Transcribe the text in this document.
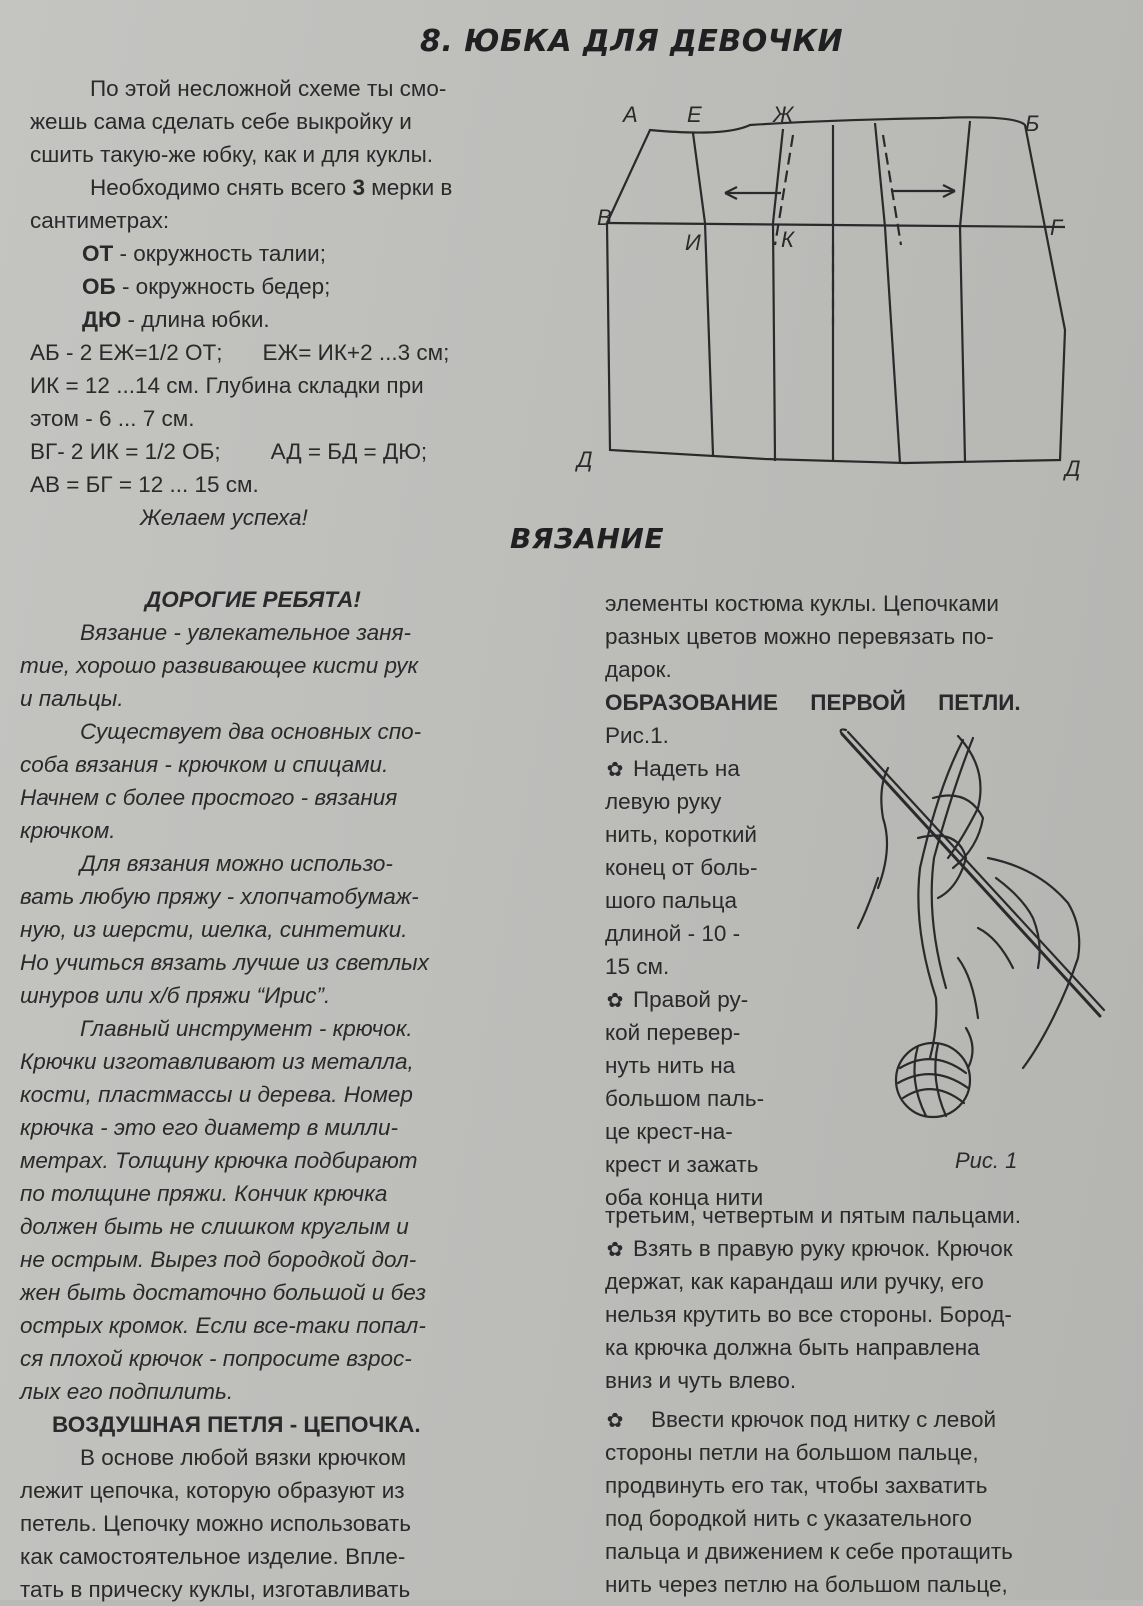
8. ЮБКА ДЛЯ ДЕВОЧКИ
По этой несложной схеме ты смо-
жешь сама сделать себе выкройку и
сшить такую-же юбку, как и для куклы.
Необходимо снять всего 3 мерки в
сантиметрах:
ОТ - окружность талии;
ОБ - окружность бедер;
ДЮ - длина юбки.
АБ - 2 ЕЖ=1/2 ОТ; ЕЖ= ИК+2 ...3 см;
ИК = 12 ...14 см. Глубина складки при
этом - 6 ... 7 см.
ВГ- 2 ИК = 1/2 ОБ; АД = БД = ДЮ;
АВ = БГ = 12 ... 15 см.
Желаем успеха!
А Е	Ж	Б
В	Г
И	К
Д	Д
ВЯЗАНИЕ
ДОРОГИЕ РЕБЯТА!
Вязание - увлекательное заня-
тие, хорошо развивающее кисти рук
и пальцы.
Существует два основных спо-
соба вязания - крючком и спицами.
Начнем с более простого - вязания
крючком.
Для вязания можно использо-
вать любую пряжу - хлопчатобумаж-
ную, из шерсти, шелка, синтетики.
Но учиться вязать лучше из светлых
шнуров или х/б пряжи “Ирис”.
Главный инструмент - крючок.
Крючки изготавливают из металла,
кости, пластмассы и дерева. Номер
крючка - это его диаметр в милли-
метрах. Толщину крючка подбирают
по толщине пряжи. Кончик крючка
должен быть не слишком круглым и
не острым. Вырез под бородкой дол-
жен быть достаточно большой и без
острых кромок. Если все-таки попал-
ся плохой крючок - попросите взрос-
лых его подпилить.
ВОЗДУШНАЯ ПЕТЛЯ - ЦЕПОЧКА.
В основе любой вязки крючком
лежит цепочка, которую образуют из
петель. Цепочку можно использовать
как самостоятельное изделие. Впле-
тать в прическу куклы, изготавливать
элементы костюма куклы. Цепочками
разных цветов можно перевязать по-
дарок.
ОБРАЗОВАНИЕ ПЕРВОЙ ПЕТЛИ.
Рис.1.
✿ Надеть на
левую руку
нить, короткий
конец от боль-
шого пальца
длиной - 10 -
15 см.
✿ Правой ру-
кой перевер-
нуть нить на
большом паль-
це крест-на-
крест и зажать
оба конца нити
Рис. 1
третьим, четвертым и пятым пальцами.
✿ Взять в правую руку крючок. Крючок
держат, как карандаш или ручку, его
нельзя крутить во все стороны. Бород-
ка крючка должна быть направлена
вниз и чуть влево.
✿ Ввести крючок под нитку с левой
стороны петли на большом пальце,
продвинуть его так, чтобы захватить
под бородкой нить с указательного
пальца и движением к себе протащить
нить через петлю на большом пальце,
